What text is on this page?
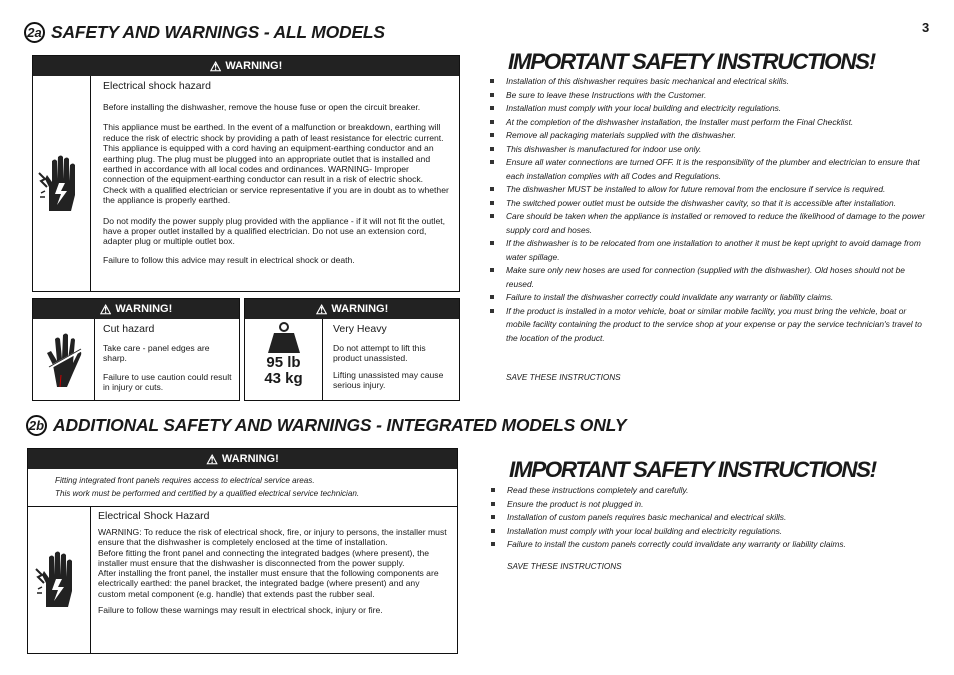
3
2a SAFETY AND WARNINGS - ALL MODELS
⚠ WARNING!
Electrical shock hazard
Before installing the dishwasher, remove the house fuse or open the circuit breaker.
This appliance must be earthed. In the event of a malfunction or breakdown, earthing will reduce the risk of electric shock by providing a path of least resistance for electric current. This appliance is equipped with a cord having an equipment-earthing conductor and an earthing plug. The plug must be plugged into an appropriate outlet that is installed and earthed in accordance with all local codes and ordinances. WARNING- Improper connection of the equipment-earthing conductor can result in a risk of electric shock. Check with a qualified electrician or service representative if you are in doubt as to whether the appliance is properly earthed.
Do not modify the power supply plug provided with the appliance - if it will not fit the outlet, have a proper outlet installed by a qualified electrician. Do not use an extension cord, adapter plug or multiple outlet box.
Failure to follow this advice may result in electrical shock or death.
⚠ WARNING!
Cut hazard
Take care - panel edges are sharp.
Failure to use caution could result in injury or cuts.
⚠ WARNING!
95 lb
43 kg
Very Heavy
Do not attempt to lift this product unassisted.
Lifting unassisted may cause serious injury.
IMPORTANT SAFETY INSTRUCTIONS!
Installation of this dishwasher requires basic mechanical and electrical skills.
Be sure to leave these Instructions with the Customer.
Installation must comply with your local building and electricity regulations.
At the completion of the dishwasher installation, the Installer must perform the Final Checklist.
Remove all packaging materials supplied with the dishwasher.
This dishwasher is manufactured for indoor use only.
Ensure all water connections are turned OFF. It is the responsibility of the plumber and electrician to ensure that each installation complies with all Codes and Regulations.
The dishwasher MUST be installed to allow for future removal from the enclosure if service is required.
The switched power outlet must be outside the dishwasher cavity, so that it is accessible after installation.
Care should be taken when the appliance is installed or removed to reduce the likelihood of damage to the power supply cord and hoses.
If the dishwasher is to be relocated from one installation to another it must be kept upright to avoid damage from water spillage.
Make sure only new hoses are used for connection (supplied with the dishwasher). Old hoses should not be reused.
Failure to install the dishwasher correctly could invalidate any warranty or liability claims.
If the product is installed in a motor vehicle, boat or similar mobile facility, you must bring the vehicle, boat or mobile facility containing the product to the service shop at your expense or pay the service technician's travel to the location of the product.
SAVE THESE INSTRUCTIONS
2b ADDITIONAL SAFETY AND WARNINGS - INTEGRATED MODELS ONLY
⚠ WARNING!
Fitting integrated front panels requires access to electrical service areas.
This work must be performed and certified by a qualified electrical service technician.
Electrical Shock Hazard
WARNING: To reduce the risk of electrical shock, fire, or injury to persons, the installer must ensure that the dishwasher is completely enclosed at the time of installation.
Before fitting the front panel and connecting the integrated badges (where present), the installer must ensure that the dishwasher is disconnected from the power supply.
After installing the front panel, the installer must ensure that the following components are electrically earthed: the panel bracket, the integrated badge (where present) and any custom metal component (e.g. handle) that extends past the rubber seal.
Failure to follow these warnings may result in electrical shock, injury or fire.
IMPORTANT SAFETY INSTRUCTIONS!
Read these instructions completely and carefully.
Ensure the product is not plugged in.
Installation of custom panels requires basic mechanical and electrical skills.
Installation must comply with your local building and electricity regulations.
Failure to install the custom panels correctly could invalidate any warranty or liability claims.
SAVE THESE INSTRUCTIONS
